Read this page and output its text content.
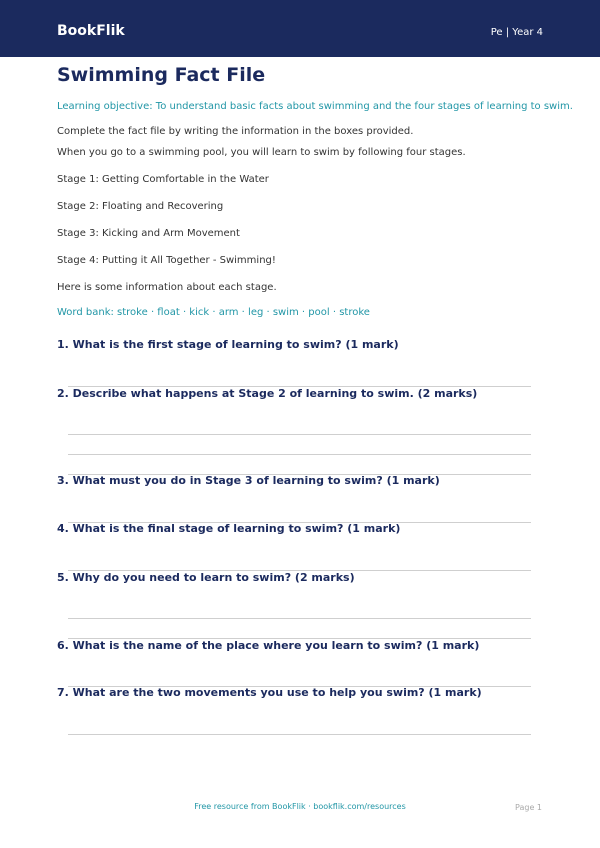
BookFlik	Pe | Year 4
Swimming Fact File
Learning objective: To understand basic facts about swimming and the four stages of learning to swim.
Complete the fact file by writing the information in the boxes provided.
When you go to a swimming pool, you will learn to swim by following four stages.
Stage 1: Getting Comfortable in the Water
Stage 2: Floating and Recovering
Stage 3: Kicking and Arm Movement
Stage 4: Putting it All Together - Swimming!
Here is some information about each stage.
Word bank: stroke · float · kick · arm · leg · swim · pool · stroke
1. What is the first stage of learning to swim? (1 mark)
2. Describe what happens at Stage 2 of learning to swim. (2 marks)
3. What must you do in Stage 3 of learning to swim? (1 mark)
4. What is the final stage of learning to swim? (1 mark)
5. Why do you need to learn to swim? (2 marks)
6. What is the name of the place where you learn to swim? (1 mark)
7. What are the two movements you use to help you swim? (1 mark)
Free resource from BookFlik · bookflik.com/resources	Page 1
